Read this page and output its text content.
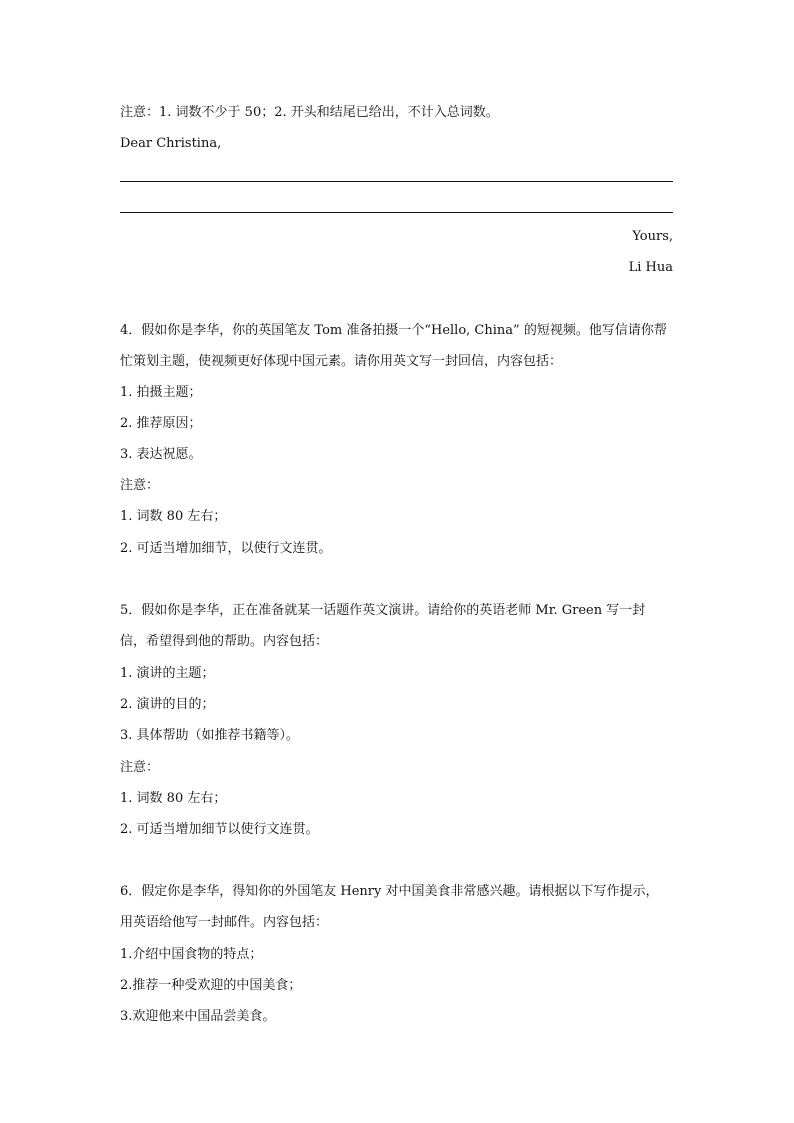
注意：1. 词数不少于 50；2. 开头和结尾已给出，不计入总词数。
Dear Christina,
Yours,
Li Hua
4．假如你是李华，你的英国笔友 Tom 准备拍摄一个“Hello, China” 的短视频。他写信请你帮
忙策划主题，使视频更好体现中国元素。请你用英文写一封回信，内容包括：
1. 拍摄主题；
2. 推荐原因；
3. 表达祝愿。
注意：
1. 词数 80 左右；
2. 可适当增加细节，以使行文连贯。
5．假如你是李华，正在准备就某一话题作英文演讲。请给你的英语老师 Mr. Green 写一封
信，希望得到他的帮助。内容包括：
1. 演讲的主题；
2. 演讲的目的；
3. 具体帮助（如推荐书籍等）。
注意：
1. 词数 80 左右；
2. 可适当增加细节以使行文连贯。
6．假定你是李华，得知你的外国笔友 Henry 对中国美食非常感兴趣。请根据以下写作提示，
用英语给他写一封邮件。内容包括：
1.介绍中国食物的特点；
2.推荐一种受欢迎的中国美食；
3.欢迎他来中国品尝美食。
